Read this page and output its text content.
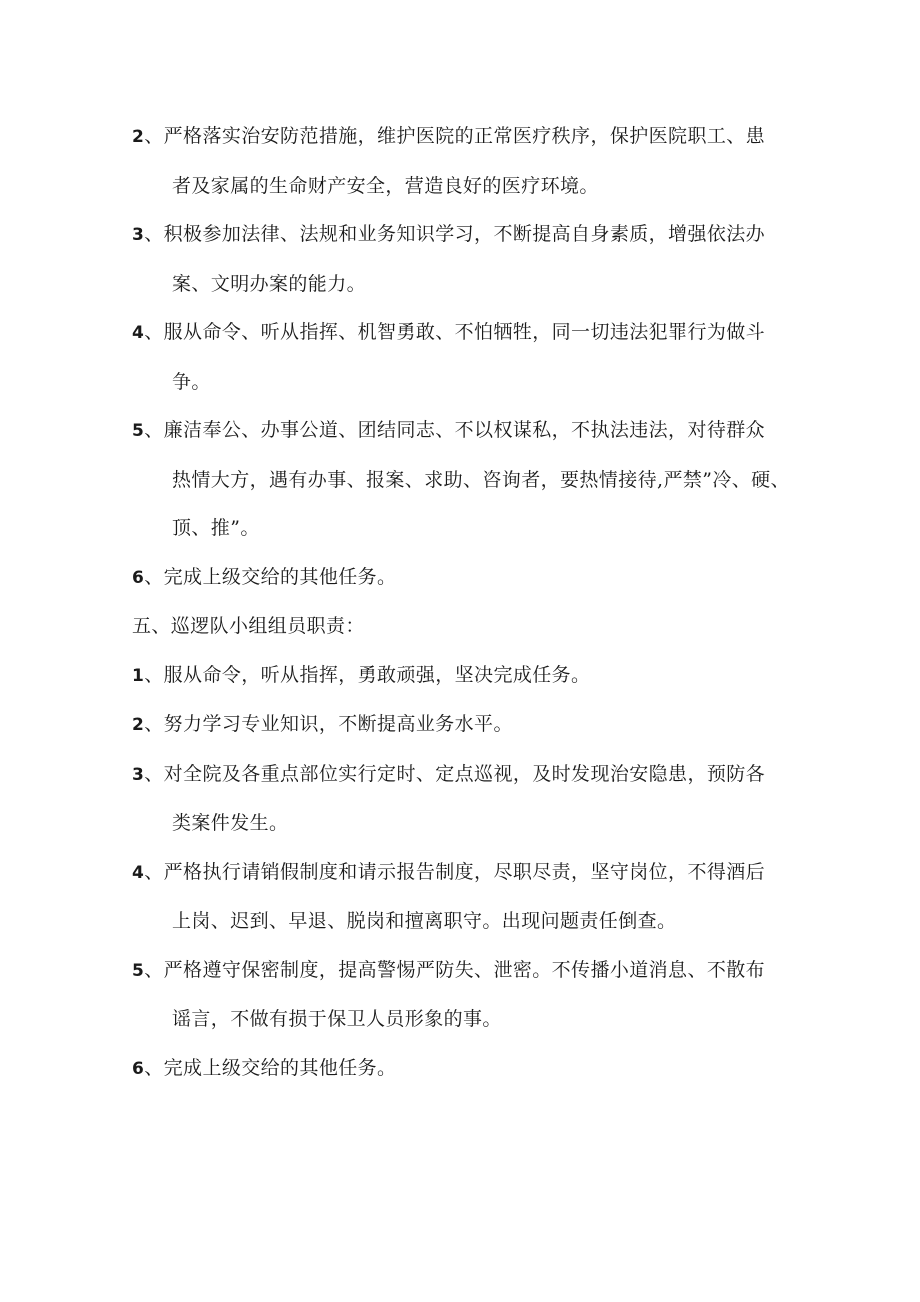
2、严格落实治安防范措施，维护医院的正常医疗秩序，保护医院职工、患
者及家属的生命财产安全，营造良好的医疗环境。

3、积极参加法律、法规和业务知识学习，不断提高自身素质，增强依法办
案、文明办案的能力。

4、服从命令、听从指挥、机智勇敢、不怕牺牲，同一切违法犯罪行为做斗
争。

5、廉洁奉公、办事公道、团结同志、不以权谋私，不执法违法，对待群众
热情大方，遇有办事、报案、求助、咨询者，要热情接待,严禁”冷、硬、
顶、推”。

6、完成上级交给的其他任务。

五、巡逻队小组组员职责：

1、服从命令，听从指挥，勇敢顽强，坚决完成任务。

2、努力学习专业知识，不断提高业务水平。

3、对全院及各重点部位实行定时、定点巡视，及时发现治安隐患，预防各
类案件发生。

4、严格执行请销假制度和请示报告制度，尽职尽责，坚守岗位，不得酒后
上岗、迟到、早退、脱岗和擅离职守。出现问题责任倒查。

5、严格遵守保密制度，提高警惕严防失、泄密。不传播小道消息、不散布
谣言，不做有损于保卫人员形象的事。

6、完成上级交给的其他任务。
